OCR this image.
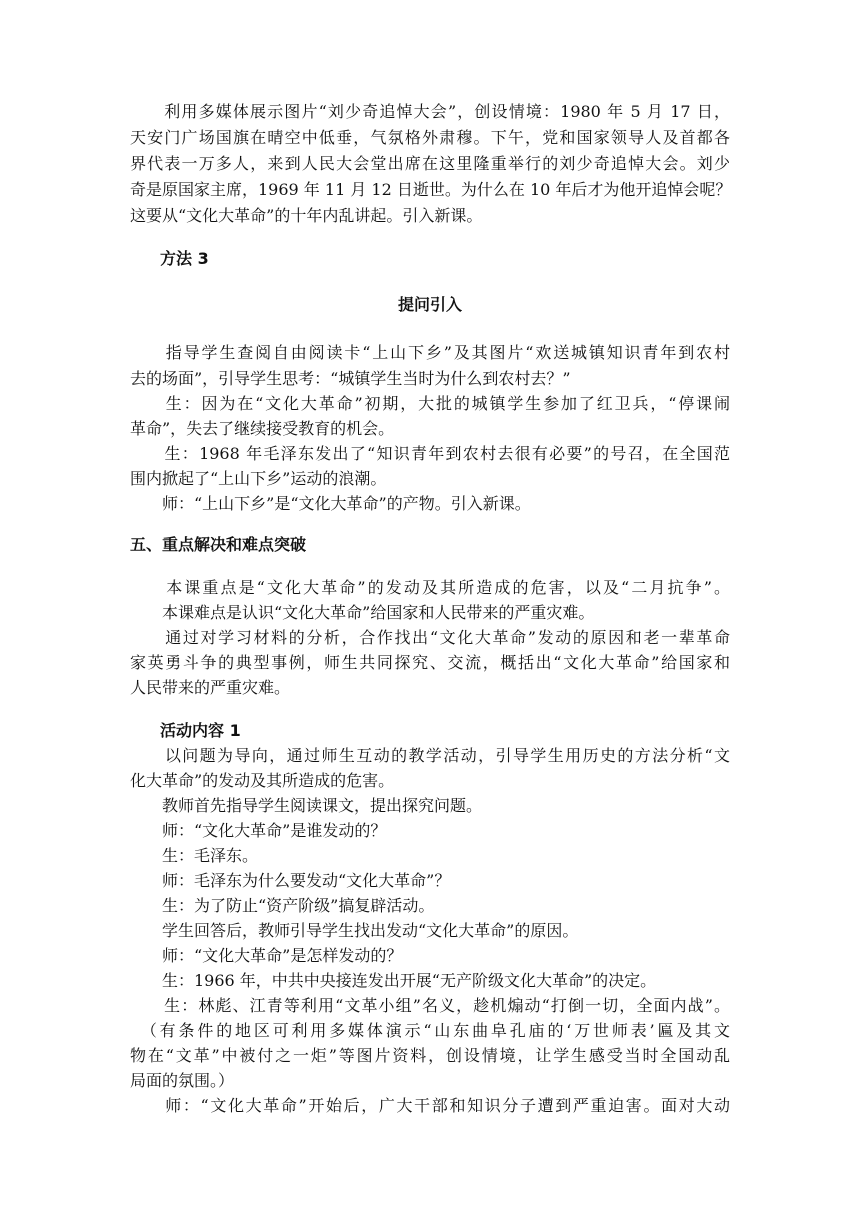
　　利用多媒体展示图片“刘少奇追悼大会”，创设情境：1980 年 5 月 17 日，
天安门广场国旗在晴空中低垂，气氛格外肃穆。下午，党和国家领导人及首都各
界代表一万多人，来到人民大会堂出席在这里隆重举行的刘少奇追悼大会。刘少
奇是原国家主席，1969 年 11 月 12 日逝世。为什么在 10 年后才为他开追悼会呢？
这要从“文化大革命”的十年内乱讲起。引入新课。
方法 3
提问引入
　　指导学生查阅自由阅读卡“上山下乡”及其图片“欢送城镇知识青年到农村
去的场面”，引导学生思考：“城镇学生当时为什么到农村去？”
　　生：因为在“文化大革命”初期，大批的城镇学生参加了红卫兵，“停课闹
革命”，失去了继续接受教育的机会。
　　生：1968 年毛泽东发出了“知识青年到农村去很有必要”的号召，在全国范
围内掀起了“上山下乡”运动的浪潮。
　　师：“上山下乡”是“文化大革命”的产物。引入新课。
五、重点解决和难点突破
　　本课重点是“文化大革命”的发动及其所造成的危害，以及“二月抗争”。
　　本课难点是认识“文化大革命”给国家和人民带来的严重灾难。
　　通过对学习材料的分析，合作找出“文化大革命”发动的原因和老一辈革命
家英勇斗争的典型事例，师生共同探究、交流，概括出“文化大革命”给国家和
人民带来的严重灾难。
活动内容 1
　　以问题为导向，通过师生互动的教学活动，引导学生用历史的方法分析“文
化大革命”的发动及其所造成的危害。
　　教师首先指导学生阅读课文，提出探究问题。
　　师：“文化大革命”是谁发动的？
　　生：毛泽东。
　　师：毛泽东为什么要发动“文化大革命”？
　　生：为了防止“资产阶级”搞复辟活动。
　　学生回答后，教师引导学生找出发动“文化大革命”的原因。
　　师：“文化大革命”是怎样发动的？
　　生：1966 年，中共中央接连发出开展“无产阶级文化大革命”的决定。
　　生：林彪、江青等利用“文革小组”名义，趁机煽动“打倒一切，全面内战”。
　（有条件的地区可利用多媒体演示“山东曲阜孔庙的‘万世师表’匾及其文
物在“文革”中被付之一炬”等图片资料，创设情境，让学生感受当时全国动乱
局面的氛围。）
　　师：“文化大革命”开始后，广大干部和知识分子遭到严重迫害。面对大动
